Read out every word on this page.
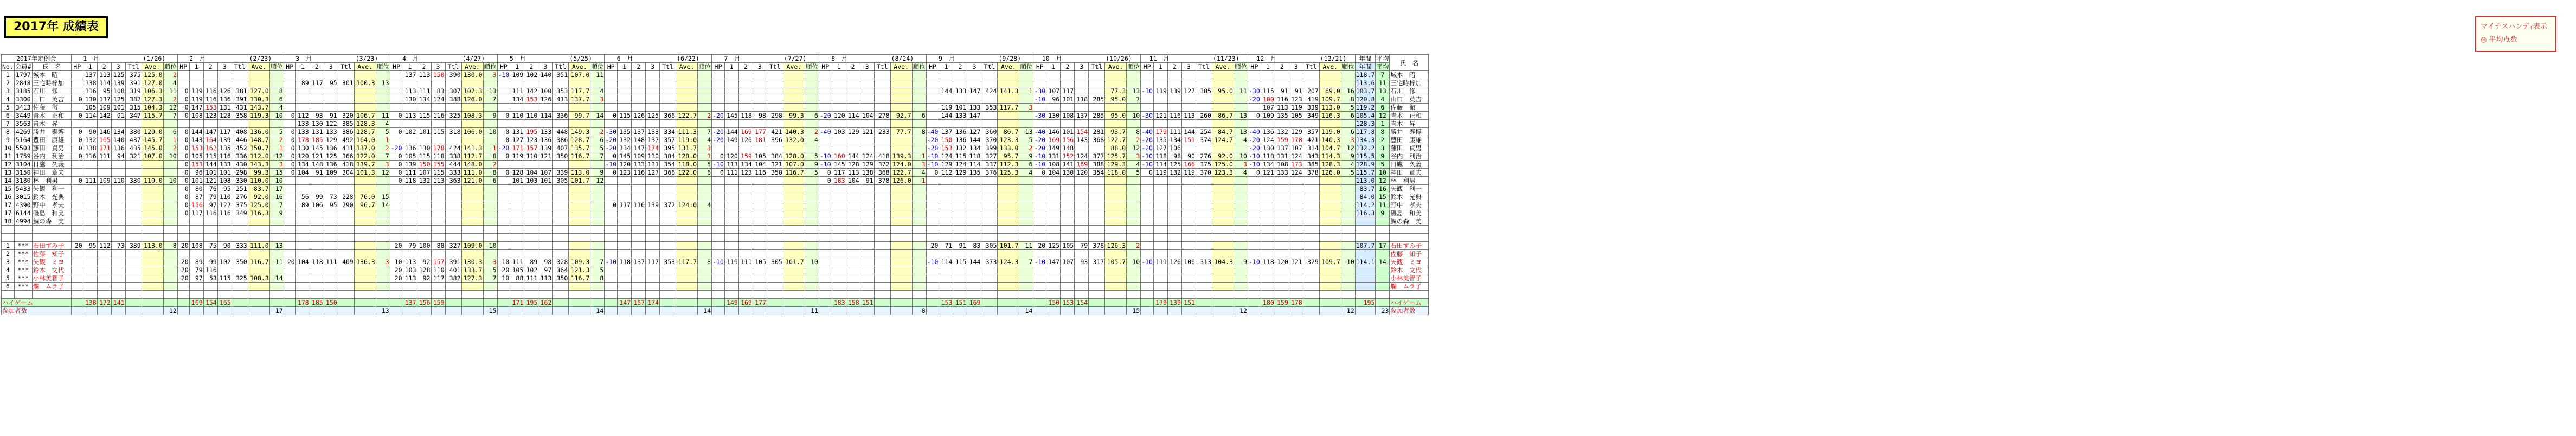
2017年 成績表	マイナスハンデｨ表示
◎ 平均点数
2017年定例会	1　月　　　　　　　	(1/26)	2　月　　　　　　　	(2/23)	3　月　　　　　　　	(3/23)	4　月　　　　　　　	(4/27)	5　月　　　　　　　	(5/25)	6　月　　　　　　　	(6/22)	7　月　　　　　　　	(7/27)	8　月　　　　　　　	(8/24)	9　月　　　　　　　	(9/28)	10　月　　　　　　　	(10/26)	11　月　　　　　　　	(11/23)	12　月　　　　　　　	(12/21)	年間	平均	氏　名
No.	会員#	氏　名	HP	1	2	3	Ttl	Ave.	順位	HP	1	2	3	Ttl	Ave.	順位	HP	1	2	3	Ttl	Ave.	順位	HP	1	2	3	Ttl	Ave.	順位	HP	1	2	3	Ttl	Ave.	順位	HP	1	2	3	Ttl	Ave.	順位	HP	1	2	3	Ttl	Ave.	順位	HP	1	2	3	Ttl	Ave.	順位	HP	1	2	3	Ttl	Ave.	順位	HP	1	2	3	Ttl	Ave.	順位	HP	1	2	3	Ttl	Ave.	順位	HP	1	2	3	Ttl	Ave.	順位	年間	平均
1	1797	城本　昭		137	113	125	375	125.0	2																137	113	150	390	130.0	3	-10	109	102	140	351	107.0	11																																																		118.7	7	城本　昭
2	2848	三宅時梓加		138	114	139	391	127.0	4									89	117	95	301	100.3	13																																																																113.6	11	三宅時梓加
3	3185	石川　修		116	95	108	319	106.3	11	0	139	116	126	381	127.0	8									113	111	83	307	102.3	13		111	142	100	353	117.7	4																							144	133	147	424	141.3	1	-30	107	117			77.3	13	-30	119	139	127	385	95.0	11	-30	115	91	91	207	69.0	16	103.7	13	石川　修
4	3300	山口　英吉	0	130	137	125	382	127.3	2	0	139	116	136	391	130.3	6									130	134	124	388	126.0	7		134	153	126	413	137.7	3																													-10	96	101	118	285	95.0	7								-20	180	116	123	419	109.7	8	120.8	4	山口　英吉
5	3413	佐藤　徹		105	109	101	315	104.3	12	0	147	153	131	431	143.7	4																																												119	101	133	353	117.7	3																107	113	119	339	113.0	5	119.2	6	佐藤　徹
6	3449	青木　正和	0	114	142	91	347	115.7	7	0	108	123	128	358	119.3	10	0	112	93	91	320	106.7	11	0	113	115	116	325	108.3	9	0	110	110	114	336	99.7	14	0	115	126	125	366	122.7	2	-20	145	118	98	298	99.3	6	-20	120	114	104	278	92.7	6		144	133	147				-30	130	108	137	285	95.0	10	-30	121	116	113	260	86.7	13	0	109	135	105	349	116.3	6	105.4	12	青木　正和
7	3563	青木　昇																133	130	122	385	128.3	4																																																																128.3	1	青木　昇
8	4269	勝井　泰博	0	90	146	134	380	120.0	6	0	144	147	117	408	136.0	5	0	133	131	133	386	128.7	5	0	102	101	115	318	106.0	10	0	131	195	133	448	149.3	2	-30	135	137	133	334	111.3	7	-20	144	169	177	421	140.3	2	-40	103	129	121	233	77.7	8	-40	137	136	127	360	86.7	13	-40	146	101	154	281	93.7	8	-40	179	111	144	254	84.7	13	-40	136	132	129	357	119.0	6	117.8	8	勝井　泰博
9	5164	豊田　康雄	0	132	165	140	437	145.7	1	0	143	164	139	446	148.7	2	0	178	185	129	492	164.0	1								0	127	123	136	386	128.7	6	-20	132	148	137	357	119.0	4	-20	149	126	181	396	132.0	4								-20	150	136	144	370	123.3	5	-20	169	156	143	368	122.7	2	-20	135	134	151	374	124.7	4	-20	124	159	178	421	140.3	3	134.3	2	豊田　康雄
10	5503	藤田　貞男	0	138	171	136	435	145.0	2	0	153	162	135	452	150.7	1	0	130	145	136	411	137.0	2	-20	136	130	178	424	141.3	1	-20	171	157	139	407	135.7	5	-20	134	147	174	395	131.7	3															-20	153	132	134	399	133.0	2	-20	149	148			88.0	12	-20	127	106					-20	130	137	107	314	104.7	12	132.2	3	藤田　貞男
11	1759	谷内　利治	0	116	111	94	321	107.0	10	0	105	115	116	336	112.0	12	0	120	121	125	366	122.0	7	0	105	115	118	338	112.7	8	0	119	110	121	350	116.7	7	0	145	109	130	384	128.0	1	0	120	159	105	384	128.0	5	-10	160	144	124	418	139.3	1	-10	124	115	118	327	95.7	9	-10	131	152	124	377	125.7	3	-10	118	98	90	276	92.0	10	-10	118	131	124	343	114.3	9	115.5	9	谷内　利治
12	3104	日鷹　久義								0	153	144	133	430	143.3	3	0	134	148	136	418	139.7	3	0	139	150	155	444	148.0	2								-10	120	133	131	354	118.0	5	-10	113	134	104	321	107.0	9	-10	145	128	129	372	124.0	3	-10	129	124	114	337	112.3	6	-10	108	141	169	388	129.3	4	-10	114	125	166	375	125.0	3	-10	134	108	173	385	128.3	4	128.9	5	日鷹　久義
13	3150	神田　章夫								0	96	101	101	298	99.3	15	0	104	91	109	304	101.3	12	0	111	107	115	333	111.0	8	0	128	104	107	339	113.0	9	0	123	116	127	366	122.0	6	0	111	123	116	350	116.7	5	0	117	113	138	368	122.7	4	0	112	129	135	376	125.3	4	0	104	130	120	354	118.0	5	0	119	132	119	370	123.3	4	0	121	133	124	378	126.0	5	115.7	10	神田　章夫
14	3180	林　利男	0	111	109	110	330	110.0	10	0	101	121	108	330	110.0	10								0	118	132	113	363	121.0	6		101	103	101	305	101.7	12															0	183	104	91	378	126.0	1																													113.0	12	林　利男
15	5433	矢観　利一								0	80	76	95	251	83.7	17																																																																							83.7	16	矢観　利一
16	3015	鈴木　光典								0	87	79	110	276	92.0	16		56	99	73	228	76.0	15																																																																84.0	15	鈴木　光典
17	4390	野中　孝夫								0	156	97	122	375	125.0	7		89	106	95	290	96.7	14															0	117	116	139	372	124.0	4																																											114.2	11	野中　孝夫
17	6144	磯島　和美								0	117	116	116	349	116.3	9																																																																							116.3	9	磯島　和美
18	4994	鯛の森　美																																																																																							鯛の森　美

1	***	石田すみ子	20	95	112	73	339	113.0	8	20	108	75	90	333	111.0	13								20	79	100	88	327	109.0	10																													20	71	91	83	305	101.7	11	20	125	105	79	378	126.3	2															107.7	17	石田すみ子
2	***	佐藤　知子																																																																																							佐藤　知子
3	***	矢観　ミヨ								20	89	99	102	350	116.7	11	20	104	118	111	409	136.3	3	10	113	92	157	391	130.3	3	10	111	89	98	328	109.3	7	-10	118	137	117	353	117.7	8	-10	119	111	105	305	101.7	10								-10	114	115	144	373	124.3	7	-10	147	107	93	317	105.7	10	-10	111	126	106	313	104.3	9	-10	118	120	121	329	109.7	10	114.1	14	矢観　ミヨ
4	***	鈴木　文代								20	79	116												20	103	128	110	401	133.7	5	20	105	102	97	364	121.3	5																																																				鈴木　文代
5	***	小林美智子								20	97	53	115	325	108.3	14								20	113	92	117	382	127.3	7	10	88	111	113	350	116.7	8																																																				小林美智子
6	***	爛　ムラ子																																																																																							爛　ムラ子

ハイゲーム		138	172	141					169	154	165					178	185	150					137	156	159					171	195	162					147	157	174					149	169	177					183	158	151					153	151	169					150	153	154					179	139	151					180	159	178				195		ハイゲーム
参加者数							12							17							13							15							14							14							11							8							14							15							12							12		23	参加者数
